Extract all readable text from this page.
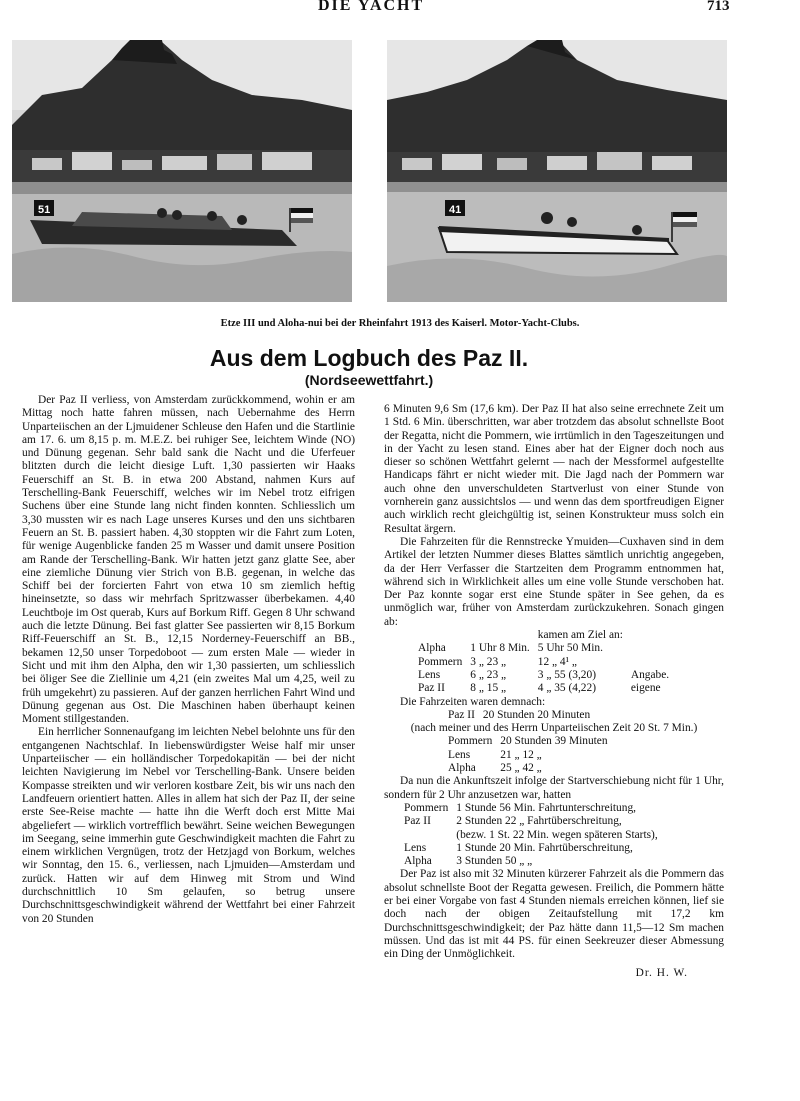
DIE YACHT	713
51	41
Etze III und Aloha-nui bei der Rheinfahrt 1913 des Kaiserl. Motor-Yacht-Clubs.
Aus dem Logbuch des Paz II.
(Nordseewettfahrt.)

Der Paz II verliess, von Amsterdam zurückkommend, wohin er am Mittag noch hatte fahren müssen, nach Uebernahme des Herrn Unparteiischen an der Ljmuidener Schleuse den Hafen und die Startlinie am 17. 6. um 8,15 p. m. M.E.Z. bei ruhiger See, leichtem Winde (NO) und Dünung gegenan. Sehr bald sank die Nacht und die Uferfeuer blitzten durch die leicht diesige Luft. 1,30 passierten wir Haaks Feuerschiff an St. B. in etwa 200 Abstand, nahmen Kurs auf Terschelling-Bank Feuerschiff, welches wir im Nebel trotz eifrigen Suchens über eine Stunde lang nicht finden konnten. Schliesslich um 3,30 mussten wir es nach Lage unseres Kurses und den uns sichtbaren Feuern an St. B. passiert haben. 4,30 stoppten wir die Fahrt zum Loten, für wenige Augenblicke fanden 25 m Wasser und damit unsere Position am Rande der Terschelling-Bank. Wir hatten jetzt ganz glatte See, aber eine ziemliche Dünung vier Strich von B.B. gegenan, in welche das Schiff bei der forcierten Fahrt von etwa 10 sm ziemlich heftig hineinsetzte, so dass wir mehrfach Spritzwasser überbekamen. 4,40 Leuchtboje im Ost querab, Kurs auf Borkum Riff. Gegen 8 Uhr schwand auch die letzte Dünung. Bei fast glatter See passierten wir 8,15 Borkum Riff-Feuerschiff an St. B., 12,15 Norderney-Feuerschiff an BB., bekamen 12,50 unser Torpedoboot — zum ersten Male — wieder in Sicht und mit ihm den Alpha, den wir 1,30 passierten, um schliesslich bei öliger See die Ziellinie um 4,21 (ein zweites Mal um 4,25, weil zu früh umgekehrt) zu passieren. Auf der ganzen herrlichen Fahrt Wind und Dünung gegenan aus Ost. Die Maschinen haben überhaupt keinen Moment stillgestanden.

Ein herrlicher Sonnenaufgang im leichten Nebel belohnte uns für den entgangenen Nachtschlaf. In liebenswürdigster Weise half mir unser Unparteiischer — ein holländischer Torpedokapitän — bei der nicht leichten Navigierung im Nebel vor Terschelling-Bank. Unsere beiden Kompasse streikten und wir verloren kostbare Zeit, bis wir uns nach den Landfeuern orientiert hatten. Alles in allem hat sich der Paz II, der seine erste See-Reise machte — hatte ihn die Werft doch erst Mitte Mai abgeliefert — wirklich vortrefflich bewährt. Seine weichen Bewegungen im Seegang, seine immerhin gute Geschwindigkeit machten die Fahrt zu einem wirklichen Vergnügen, trotz der Hetzjagd von Borkum, welches wir Sonntag, den 15. 6., verliessen, nach Ljmuiden—Amsterdam und zurück. Hatten wir auf dem Hinweg mit Strom und Wind durchschnittlich 10 Sm gelaufen, so betrug unsere Durchschnittsgeschwindigkeit während der Wettfahrt bei einer Fahrzeit von 20 Stunden

6 Minuten 9,6 Sm (17,6 km). Der Paz II hat also seine errechnete Zeit um 1 Std. 6 Min. überschritten, war aber trotzdem das absolut schnellste Boot der Regatta, nicht die Pommern, wie irrtümlich in den Tageszeitungen und in der Yacht zu lesen stand. Eines aber hat der Eigner doch noch aus dieser so schönen Wettfahrt gelernt — nach der Messformel aufgestellte Handicaps fährt er nicht wieder mit. Die Jagd nach der Pommern war auch ohne den unverschuldeten Startverlust von einer Stunde von vornherein ganz aussichtslos — und wenn das dem sportfreudigen Eigner auch wirklich recht gleichgültig ist, seinen Konstrukteur muss solch ein Resultat ärgern.

Die Fahrzeiten für die Rennstrecke Ymuiden—Cuxhaven sind in dem Artikel der letzten Nummer dieses Blattes sämtlich unrichtig angegeben, da der Herr Verfasser die Startzeiten dem Programm entnommen hat, während sich in Wirklichkeit alles um eine volle Stunde verschoben hat. Der Paz konnte sogar erst eine Stunde später in See gehen, da es unmöglich war, früher von Amsterdam zurückzukehren. Sonach gingen ab:

		kamen am Ziel an:	
Alpha	1 Uhr 8 Min.	5 Uhr 50 Min.	
Pommern	3 „ 23 „	12 „ 4¹ „	
Lens	6 „ 23 „	3 „ 55 (3,20)	Angabe.
Paz II	8 „ 15 „	4 „ 35 (4,22)	eigene

Die Fahrzeiten waren demnach:

Paz II	20 Stunden 20 Minuten
(nach meiner und des Herrn Unparteiischen Zeit 20 St. 7 Min.)
Pommern	20 Stunden 39 Minuten
Lens	21 „ 12 „
Alpha	25 „ 42 „

Da nun die Ankunftszeit infolge der Startverschiebung nicht für 1 Uhr, sondern für 2 Uhr anzusetzen war, hatten

Pommern	1 Stunde 56 Min. Fahrtunterschreitung,
Paz II	2 Stunden 22 „ Fahrtüberschreitung,
	(bezw. 1 St. 22 Min. wegen späteren Starts),
Lens	1 Stunde 20 Min. Fahrtüberschreitung,
Alpha	3 Stunden 50 „ „

Der Paz ist also mit 32 Minuten kürzerer Fahrzeit als die Pommern das absolut schnellste Boot der Regatta gewesen. Freilich, die Pommern hätte er bei einer Vorgabe von fast 4 Stunden niemals erreichen können, lief sie doch nach der obigen Zeitaufstellung mit 17,2 km Durchschnittsgeschwindigkeit; der Paz hätte dann 11,5—12 Sm machen müssen. Und das ist mit 44 PS. für einen Seekreuzer dieser Abmessung ein Ding der Unmöglichkeit.

Dr. H. W.
